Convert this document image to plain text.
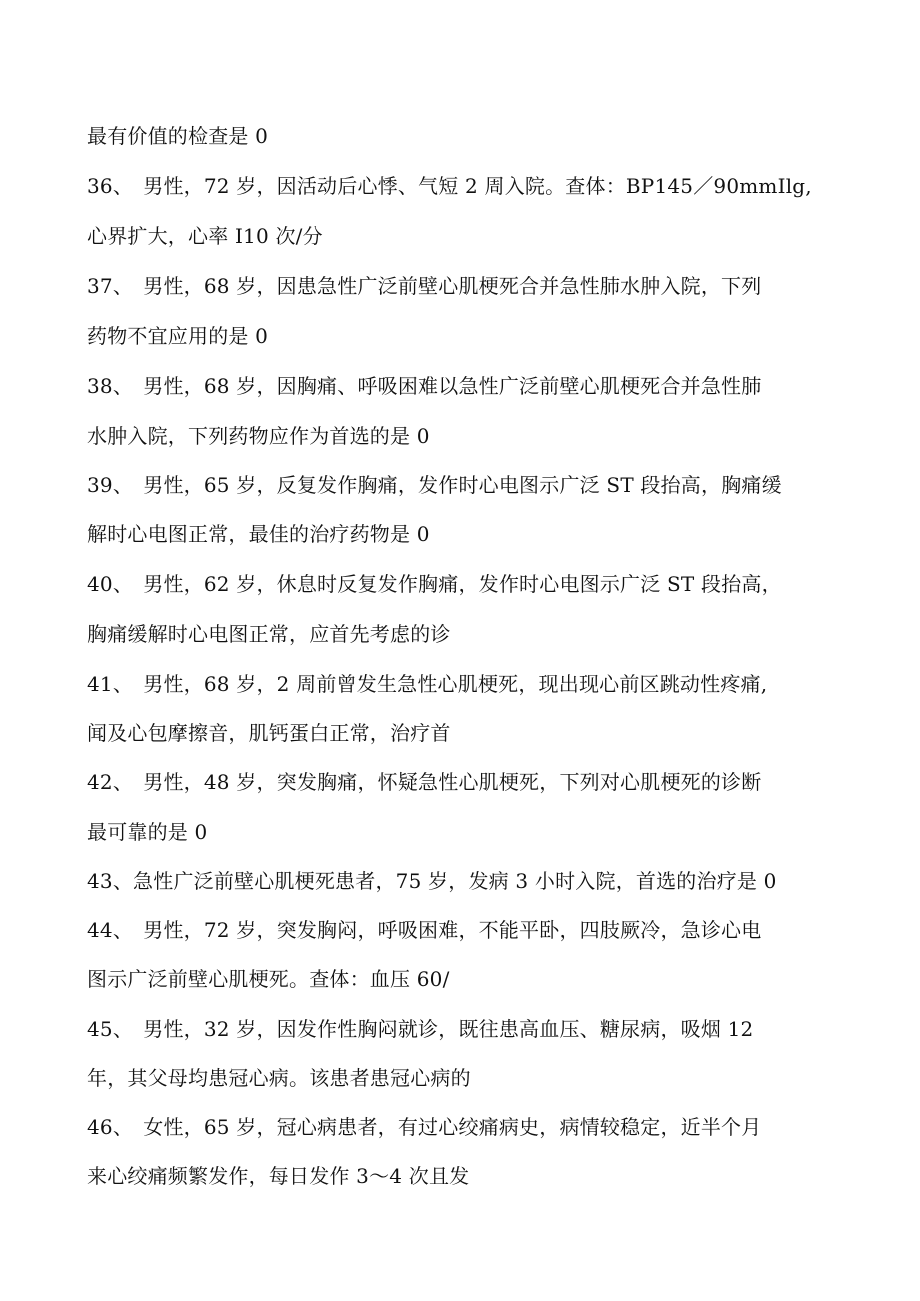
最有价值的检查是 0
36、　男性，72 岁，因活动后心悸、气短 2 周入院。查体：BP145／90mmIlg,
心界扩大，心率 I10 次/分
37、　男性，68 岁，因患急性广泛前壁心肌梗死合并急性肺水肿入院，下列
药物不宜应用的是 0
38、　男性，68 岁，因胸痛、呼吸困难以急性广泛前壁心肌梗死合并急性肺
水肿入院，下列药物应作为首选的是 0
39、　男性，65 岁，反复发作胸痛，发作时心电图示广泛 ST 段抬高，胸痛缓
解时心电图正常，最佳的治疗药物是 0
40、　男性，62 岁，休息时反复发作胸痛，发作时心电图示广泛 ST 段抬高，
胸痛缓解时心电图正常，应首先考虑的诊
41、　男性，68 岁，2 周前曾发生急性心肌梗死，现出现心前区跳动性疼痛,
闻及心包摩擦音，肌钙蛋白正常，治疗首
42、　男性，48 岁，突发胸痛，怀疑急性心肌梗死，下列对心肌梗死的诊断
最可靠的是 0
43、急性广泛前壁心肌梗死患者，75 岁，发病 3 小时入院，首选的治疗是 0
44、　男性，72 岁，突发胸闷，呼吸困难，不能平卧，四肢厥冷，急诊心电
图示广泛前壁心肌梗死。查体：血压 60/
45、　男性，32 岁，因发作性胸闷就诊，既往患高血压、糖尿病，吸烟 12
年，其父母均患冠心病。该患者患冠心病的
46、　女性，65 岁，冠心病患者，有过心绞痛病史，病情较稳定，近半个月
来心绞痛频繁发作，每日发作 3～4 次且发
